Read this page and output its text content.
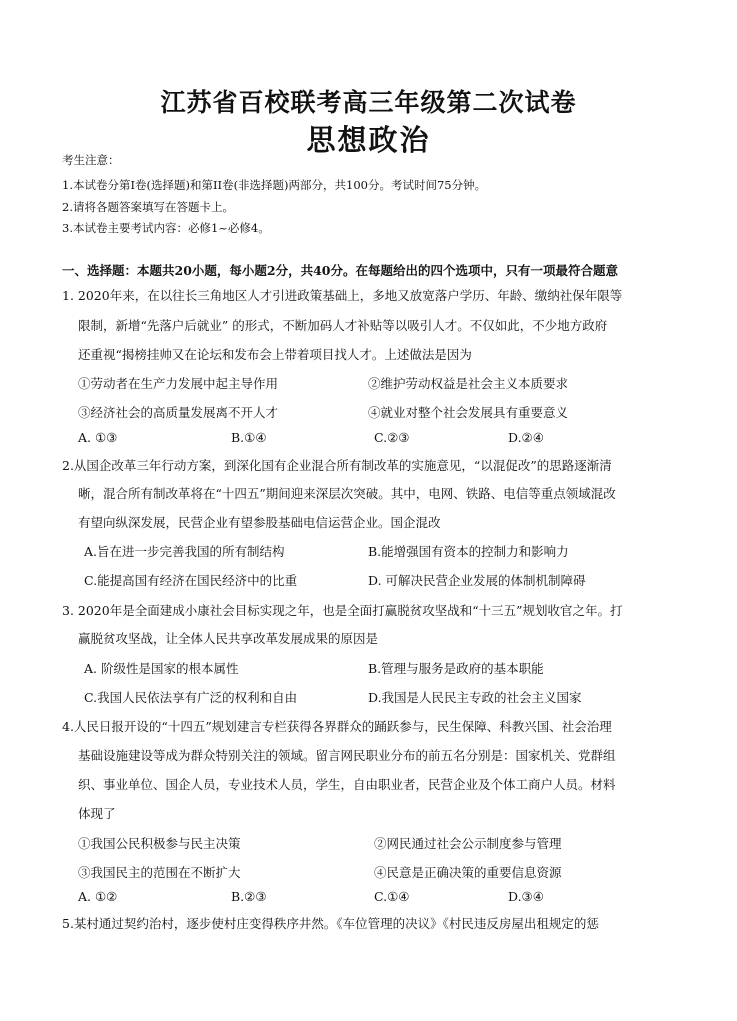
江苏省百校联考高三年级第二次试卷
思想政治
考生注意：
1.本试卷分第I卷(选择题)和第II卷(非选择题)两部分，共100分。考试时间75分钟。
2.请将各题答案填写在答题卡上。
3.本试卷主要考试内容：必修1~必修4。
一、选择题：本题共20小题，每小题2分，共40分。在每题给出的四个选项中，只有一项最符合题意
1. 2020年来，在以往长三角地区人才引进政策基础上，多地又放宽落户学历、年龄、缴纳社保年限等
限制，新增“先落户后就业” 的形式，不断加码人才补贴等以吸引人才。不仅如此，不少地方政府
还重视“揭榜挂帅又在论坛和发布会上带着项目找人才。上述做法是因为
①劳动者在生产力发展中起主导作用	②维护劳动权益是社会主义本质要求
③经济社会的高质量发展离不开人才	④就业对整个社会发展具有重要意义
A. ①③	B.①④	C.②③	D.②④
2.从国企改革三年行动方案，到深化国有企业混合所有制改革的实施意见，“以混促改”的思路逐渐清
晰，混合所有制改革将在“十四五”期间迎来深层次突破。其中，电网、铁路、电信等重点领域混改
有望向纵深发展，民营企业有望参股基础电信运营企业。国企混改
A.旨在进一步完善我国的所有制结构	B.能增强国有资本的控制力和影响力
C.能提高国有经济在国民经济中的比重	D. 可解决民营企业发展的体制机制障碍
3. 2020年是全面建成小康社会目标实现之年，也是全面打赢脱贫攻坚战和“十三五”规划收官之年。打
赢脱贫攻坚战，让全体人民共享改革发展成果的原因是
A. 阶级性是国家的根本属性	B.管理与服务是政府的基本职能
C.我国人民依法享有广泛的权利和自由	D.我国是人民民主专政的社会主义国家
4.人民日报开设的“十四五”规划建言专栏获得各界群众的踊跃参与，民生保障、科教兴国、社会治理
基础设施建设等成为群众特别关注的领域。留言网民职业分布的前五名分别是：国家机关、党群组
织、事业单位、国企人员，专业技术人员，学生，自由职业者，民营企业及个体工商户人员。材料
体现了
①我国公民积极参与民主决策	②网民通过社会公示制度参与管理
③我国民主的范围在不断扩大	④民意是正确决策的重要信息资源
A. ①②	B.②③	C.①④	D.③④
5.某村通过契约治村，逐步使村庄变得秩序井然。《车位管理的决议》《村民违反房屋出租规定的惩
